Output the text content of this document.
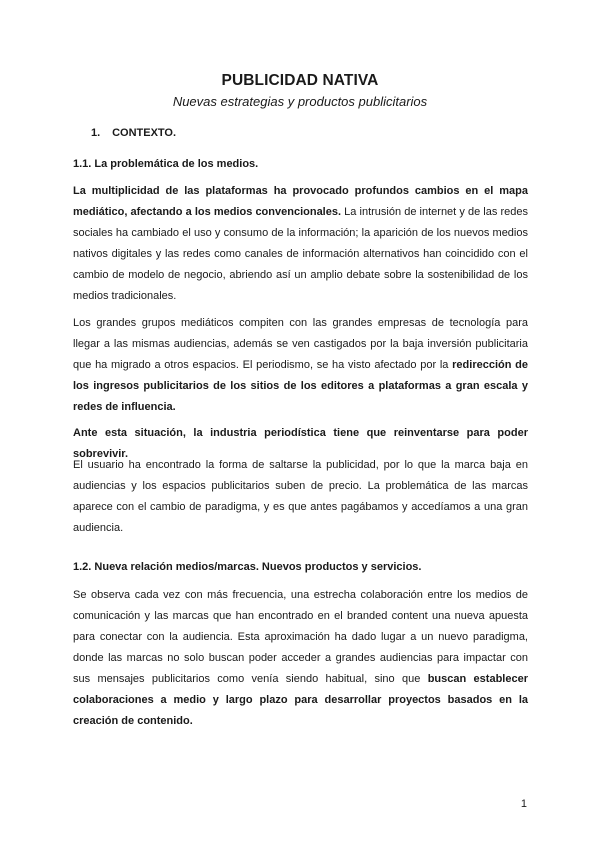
PUBLICIDAD NATIVA
Nuevas estrategias y productos publicitarios
1. CONTEXTO.
1.1. La problemática de los medios.

La multiplicidad de las plataformas ha provocado profundos cambios en el mapa mediático, afectando a los medios convencionales. La intrusión de internet y de las redes sociales ha cambiado el uso y consumo de la información; la aparición de los nuevos medios nativos digitales y las redes como canales de información alternativos han coincidido con el cambio de modelo de negocio, abriendo así un amplio debate sobre la sostenibilidad de los medios tradicionales.

Los grandes grupos mediáticos compiten con las grandes empresas de tecnología para llegar a las mismas audiencias, además se ven castigados por la baja inversión publicitaria que ha migrado a otros espacios. El periodismo, se ha visto afectado por la redirección de los ingresos publicitarios de los sitios de los editores a plataformas a gran escala y redes de influencia.

Ante esta situación, la industria periodística tiene que reinventarse para poder sobrevivir.

El usuario ha encontrado la forma de saltarse la publicidad, por lo que la marca baja en audiencias y los espacios publicitarios suben de precio. La problemática de las marcas aparece con el cambio de paradigma, y es que antes pagábamos y accedíamos a una gran audiencia.

1.2. Nueva relación medios/marcas. Nuevos productos y servicios.

Se observa cada vez con más frecuencia, una estrecha colaboración entre los medios de comunicación y las marcas que han encontrado en el branded content una nueva apuesta para conectar con la audiencia. Esta aproximación ha dado lugar a un nuevo paradigma, donde las marcas no solo buscan poder acceder a grandes audiencias para impactar con sus mensajes publicitarios como venía siendo habitual, sino que buscan establecer colaboraciones a medio y largo plazo para desarrollar proyectos basados en la creación de contenido.

1
